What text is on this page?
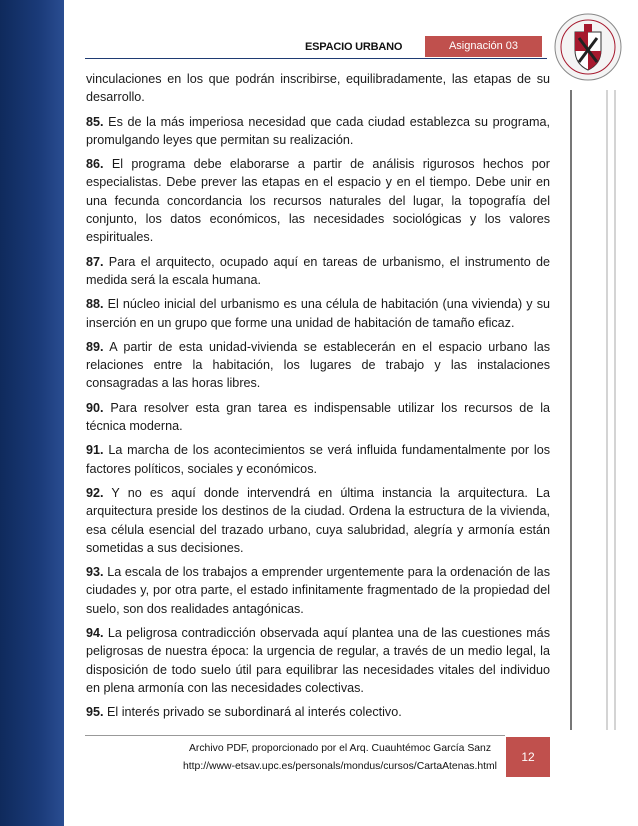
ESPACIO URBANO	Asignación 03

vinculaciones en los que podrán inscribirse, equilibradamente, las etapas de su desarrollo.

85. Es de la más imperiosa necesidad que cada ciudad establezca su programa, promulgando leyes que permitan su realización.

86. El programa debe elaborarse a partir de análisis rigurosos hechos por especialistas. Debe prever las etapas en el espacio y en el tiempo. Debe unir en una fecunda concordancia los recursos naturales del lugar, la topografía del conjunto, los datos económicos, las necesidades sociológicas y los valores espirituales.

87. Para el arquitecto, ocupado aquí en tareas de urbanismo, el instrumento de medida será la escala humana.

88. El núcleo inicial del urbanismo es una célula de habitación (una vivienda) y su inserción en un grupo que forme una unidad de habitación de tamaño eficaz.

89. A partir de esta unidad-vivienda se establecerán en el espacio urbano las relaciones entre la habitación, los lugares de trabajo y las instalaciones consagradas a las horas libres.

90. Para resolver esta gran tarea es indispensable utilizar los recursos de la técnica moderna.

91. La marcha de los acontecimientos se verá influida fundamentalmente por los factores políticos, sociales y económicos.

92. Y no es aquí donde intervendrá en última instancia la arquitectura. La arquitectura preside los destinos de la ciudad. Ordena la estructura de la vivienda, esa célula esencial del trazado urbano, cuya salubridad, alegría y armonía están sometidas a sus decisiones.

93. La escala de los trabajos a emprender urgentemente para la ordenación de las ciudades y, por otra parte, el estado infinitamente fragmentado de la propiedad del suelo, son dos realidades antagónicas.

94. La peligrosa contradicción observada aquí plantea una de las cuestiones más peligrosas de nuestra época: la urgencia de regular, a través de un medio legal, la disposición de todo suelo útil para equilibrar las necesidades vitales del individuo en plena armonía con las necesidades colectivas.

95. El interés privado se subordinará al interés colectivo.

Archivo PDF, proporcionado por el Arq. Cuauhtémoc García Sanz
http://www-etsav.upc.es/personals/mondus/cursos/CartaAtenas.html
12
